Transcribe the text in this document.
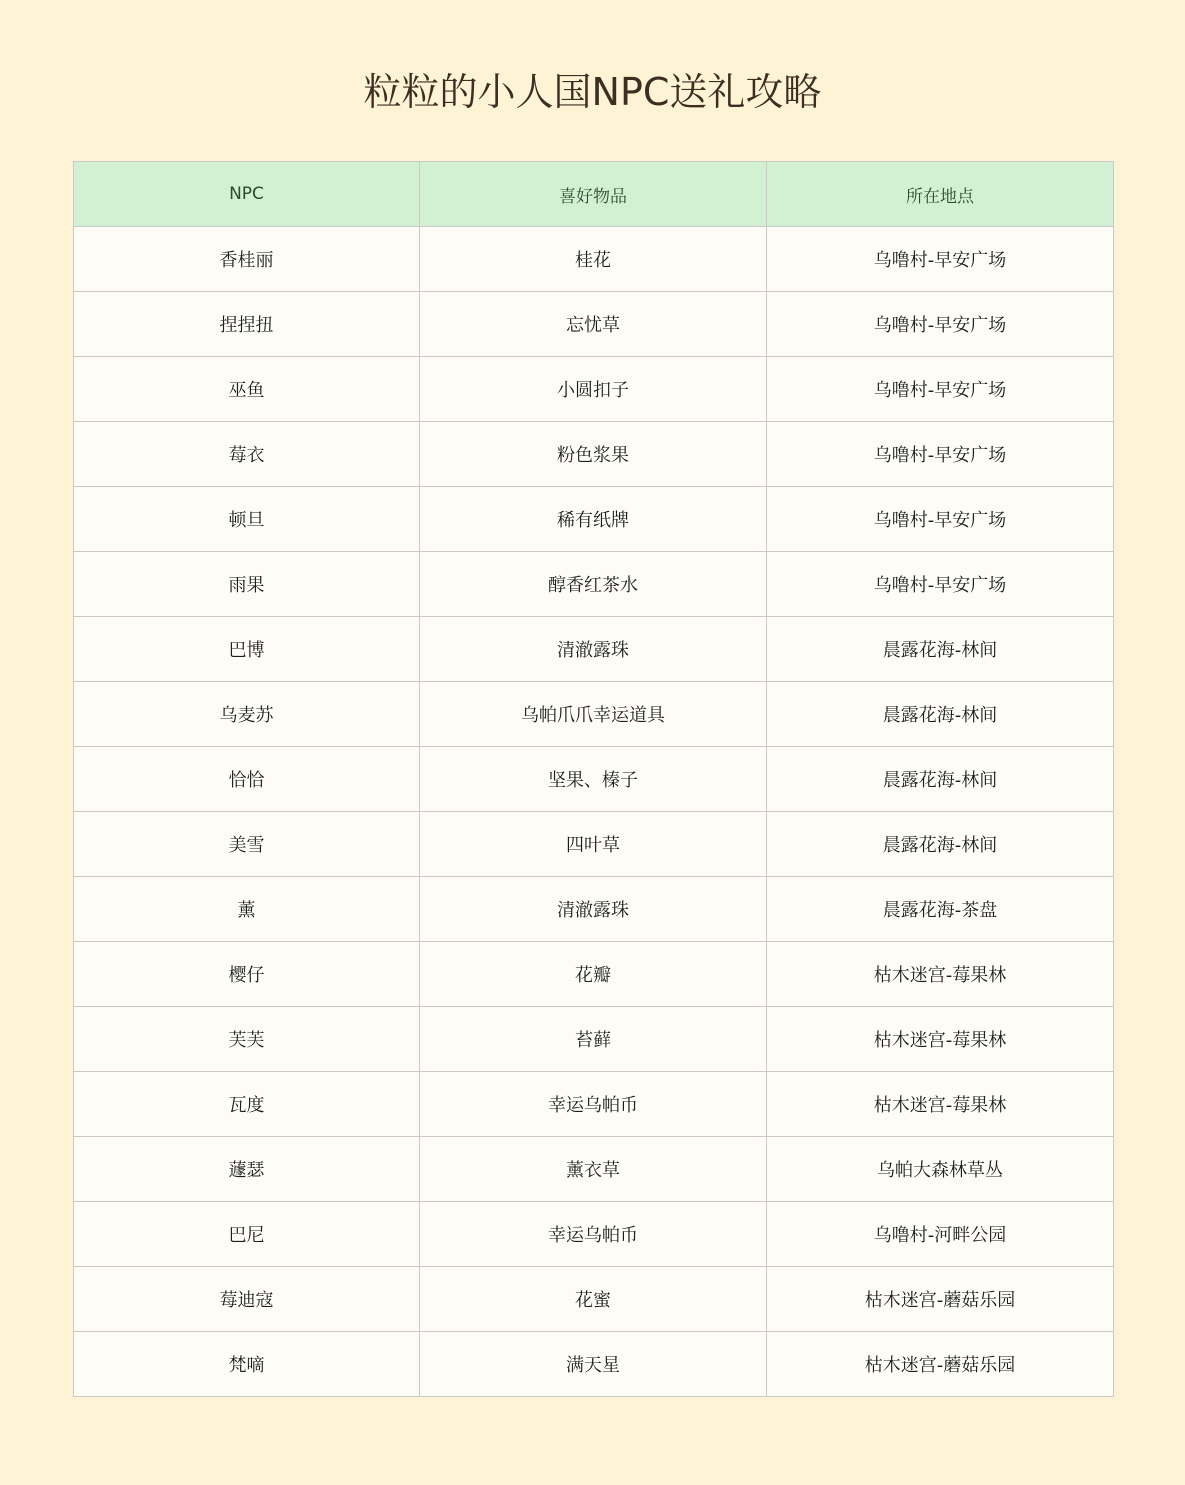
粒粒的小人国NPC送礼攻略
NPC	喜好物品	所在地点
香桂丽	桂花	乌噜村-早安广场
捏捏扭	忘忧草	乌噜村-早安广场
巫鱼	小圆扣子	乌噜村-早安广场
莓衣	粉色浆果	乌噜村-早安广场
顿旦	稀有纸牌	乌噜村-早安广场
雨果	醇香红茶水	乌噜村-早安广场
巴博	清澈露珠	晨露花海-林间
乌麦苏	乌帕爪爪幸运道具	晨露花海-林间
恰恰	坚果、榛子	晨露花海-林间
美雪	四叶草	晨露花海-林间
薰	清澈露珠	晨露花海-茶盘
樱仔	花瓣	枯木迷宫-莓果林
芙芙	苔藓	枯木迷宫-莓果林
瓦度	幸运乌帕币	枯木迷宫-莓果林
蘧瑟	薰衣草	乌帕大森林草丛
巴尼	幸运乌帕币	乌噜村-河畔公园
莓迪寇	花蜜	枯木迷宫-蘑菇乐园
梵嘀	满天星	枯木迷宫-蘑菇乐园
